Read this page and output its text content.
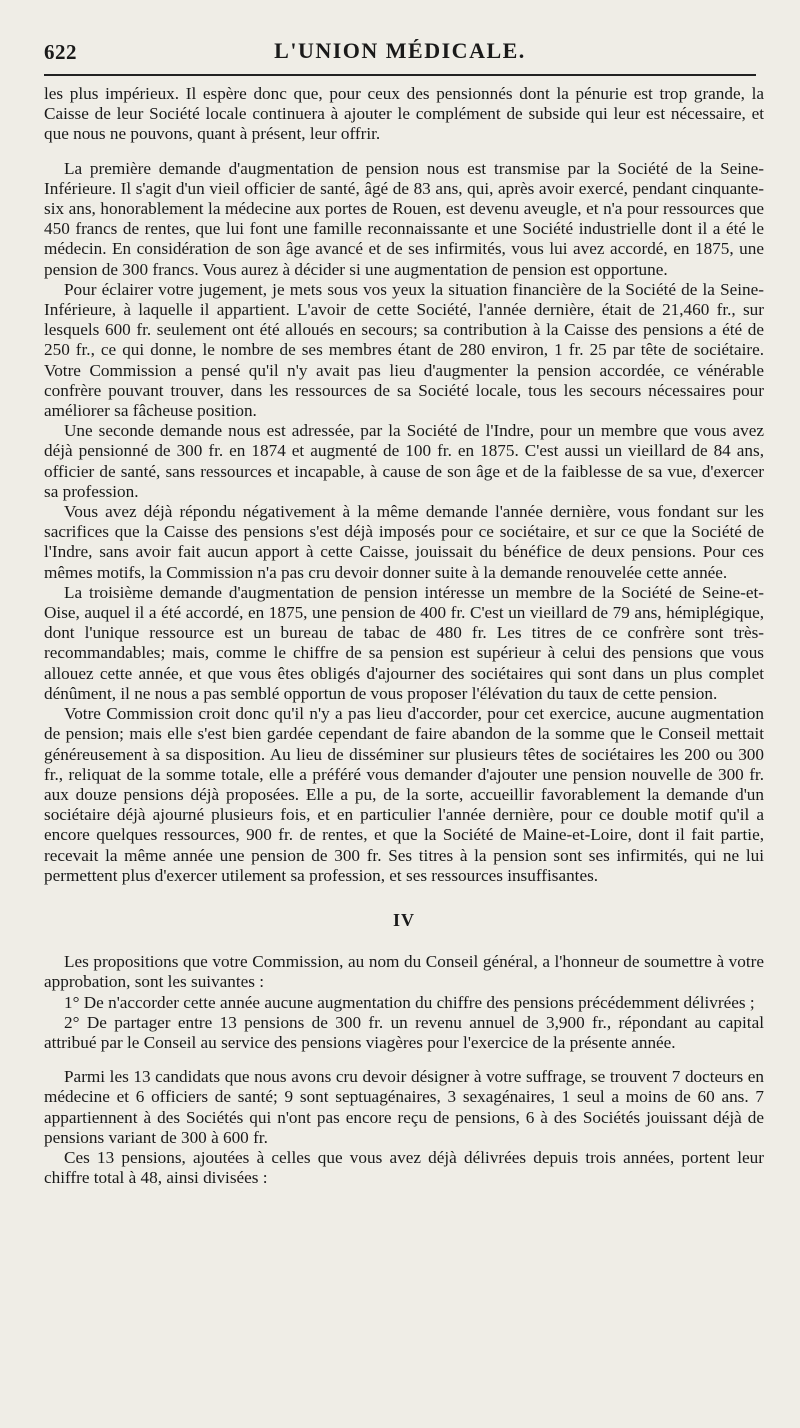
622	L'UNION MÉDICALE.

les plus impérieux. Il espère donc que, pour ceux des pensionnés dont la pénurie est trop grande, la Caisse de leur Société locale continuera à ajouter le complément de subside qui leur est nécessaire, et que nous ne pouvons, quant à présent, leur offrir.

La première demande d'augmentation de pension nous est transmise par la Société de la Seine-Inférieure. Il s'agit d'un vieil officier de santé, âgé de 83 ans, qui, après avoir exercé, pendant cinquante-six ans, honorablement la médecine aux portes de Rouen, est devenu aveugle, et n'a pour ressources que 450 francs de rentes, que lui font une famille reconnaissante et une Société industrielle dont il a été le médecin. En considération de son âge avancé et de ses infirmités, vous lui avez accordé, en 1875, une pension de 300 francs. Vous aurez à décider si une augmentation de pension est opportune.

Pour éclairer votre jugement, je mets sous vos yeux la situation financière de la Société de la Seine-Inférieure, à laquelle il appartient. L'avoir de cette Société, l'année dernière, était de 21,460 fr., sur lesquels 600 fr. seulement ont été alloués en secours; sa contribution à la Caisse des pensions a été de 250 fr., ce qui donne, le nombre de ses membres étant de 280 environ, 1 fr. 25 par tête de sociétaire. Votre Commission a pensé qu'il n'y avait pas lieu d'augmenter la pension accordée, ce vénérable confrère pouvant trouver, dans les ressources de sa Société locale, tous les secours nécessaires pour améliorer sa fâcheuse position.

Une seconde demande nous est adressée, par la Société de l'Indre, pour un membre que vous avez déjà pensionné de 300 fr. en 1874 et augmenté de 100 fr. en 1875. C'est aussi un vieillard de 84 ans, officier de santé, sans ressources et incapable, à cause de son âge et de la faiblesse de sa vue, d'exercer sa profession.

Vous avez déjà répondu négativement à la même demande l'année dernière, vous fondant sur les sacrifices que la Caisse des pensions s'est déjà imposés pour ce sociétaire, et sur ce que la Société de l'Indre, sans avoir fait aucun apport à cette Caisse, jouissait du bénéfice de deux pensions. Pour ces mêmes motifs, la Commission n'a pas cru devoir donner suite à la demande renouvelée cette année.

La troisième demande d'augmentation de pension intéresse un membre de la Société de Seine-et-Oise, auquel il a été accordé, en 1875, une pension de 400 fr. C'est un vieillard de 79 ans, hémiplégique, dont l'unique ressource est un bureau de tabac de 480 fr. Les titres de ce confrère sont très-recommandables; mais, comme le chiffre de sa pension est supérieur à celui des pensions que vous allouez cette année, et que vous êtes obligés d'ajourner des sociétaires qui sont dans un plus complet dénûment, il ne nous a pas semblé opportun de vous proposer l'élévation du taux de cette pension.

Votre Commission croit donc qu'il n'y a pas lieu d'accorder, pour cet exercice, aucune augmentation de pension; mais elle s'est bien gardée cependant de faire abandon de la somme que le Conseil mettait généreusement à sa disposition. Au lieu de disséminer sur plusieurs têtes de sociétaires les 200 ou 300 fr., reliquat de la somme totale, elle a préféré vous demander d'ajouter une pension nouvelle de 300 fr. aux douze pensions déjà proposées. Elle a pu, de la sorte, accueillir favorablement la demande d'un sociétaire déjà ajourné plusieurs fois, et en particulier l'année dernière, pour ce double motif qu'il a encore quelques ressources, 900 fr. de rentes, et que la Société de Maine-et-Loire, dont il fait partie, recevait la même année une pension de 300 fr. Ses titres à la pension sont ses infirmités, qui ne lui permettent plus d'exercer utilement sa profession, et ses ressources insuffisantes.

IV

Les propositions que votre Commission, au nom du Conseil général, a l'honneur de soumettre à votre approbation, sont les suivantes :

1° De n'accorder cette année aucune augmentation du chiffre des pensions précédemment délivrées ;

2° De partager entre 13 pensions de 300 fr. un revenu annuel de 3,900 fr., répondant au capital attribué par le Conseil au service des pensions viagères pour l'exercice de la présente année.

Parmi les 13 candidats que nous avons cru devoir désigner à votre suffrage, se trouvent 7 docteurs en médecine et 6 officiers de santé; 9 sont septuagénaires, 3 sexagénaires, 1 seul a moins de 60 ans. 7 appartiennent à des Sociétés qui n'ont pas encore reçu de pensions, 6 à des Sociétés jouissant déjà de pensions variant de 300 à 600 fr.

Ces 13 pensions, ajoutées à celles que vous avez déjà délivrées depuis trois années, portent leur chiffre total à 48, ainsi divisées :
